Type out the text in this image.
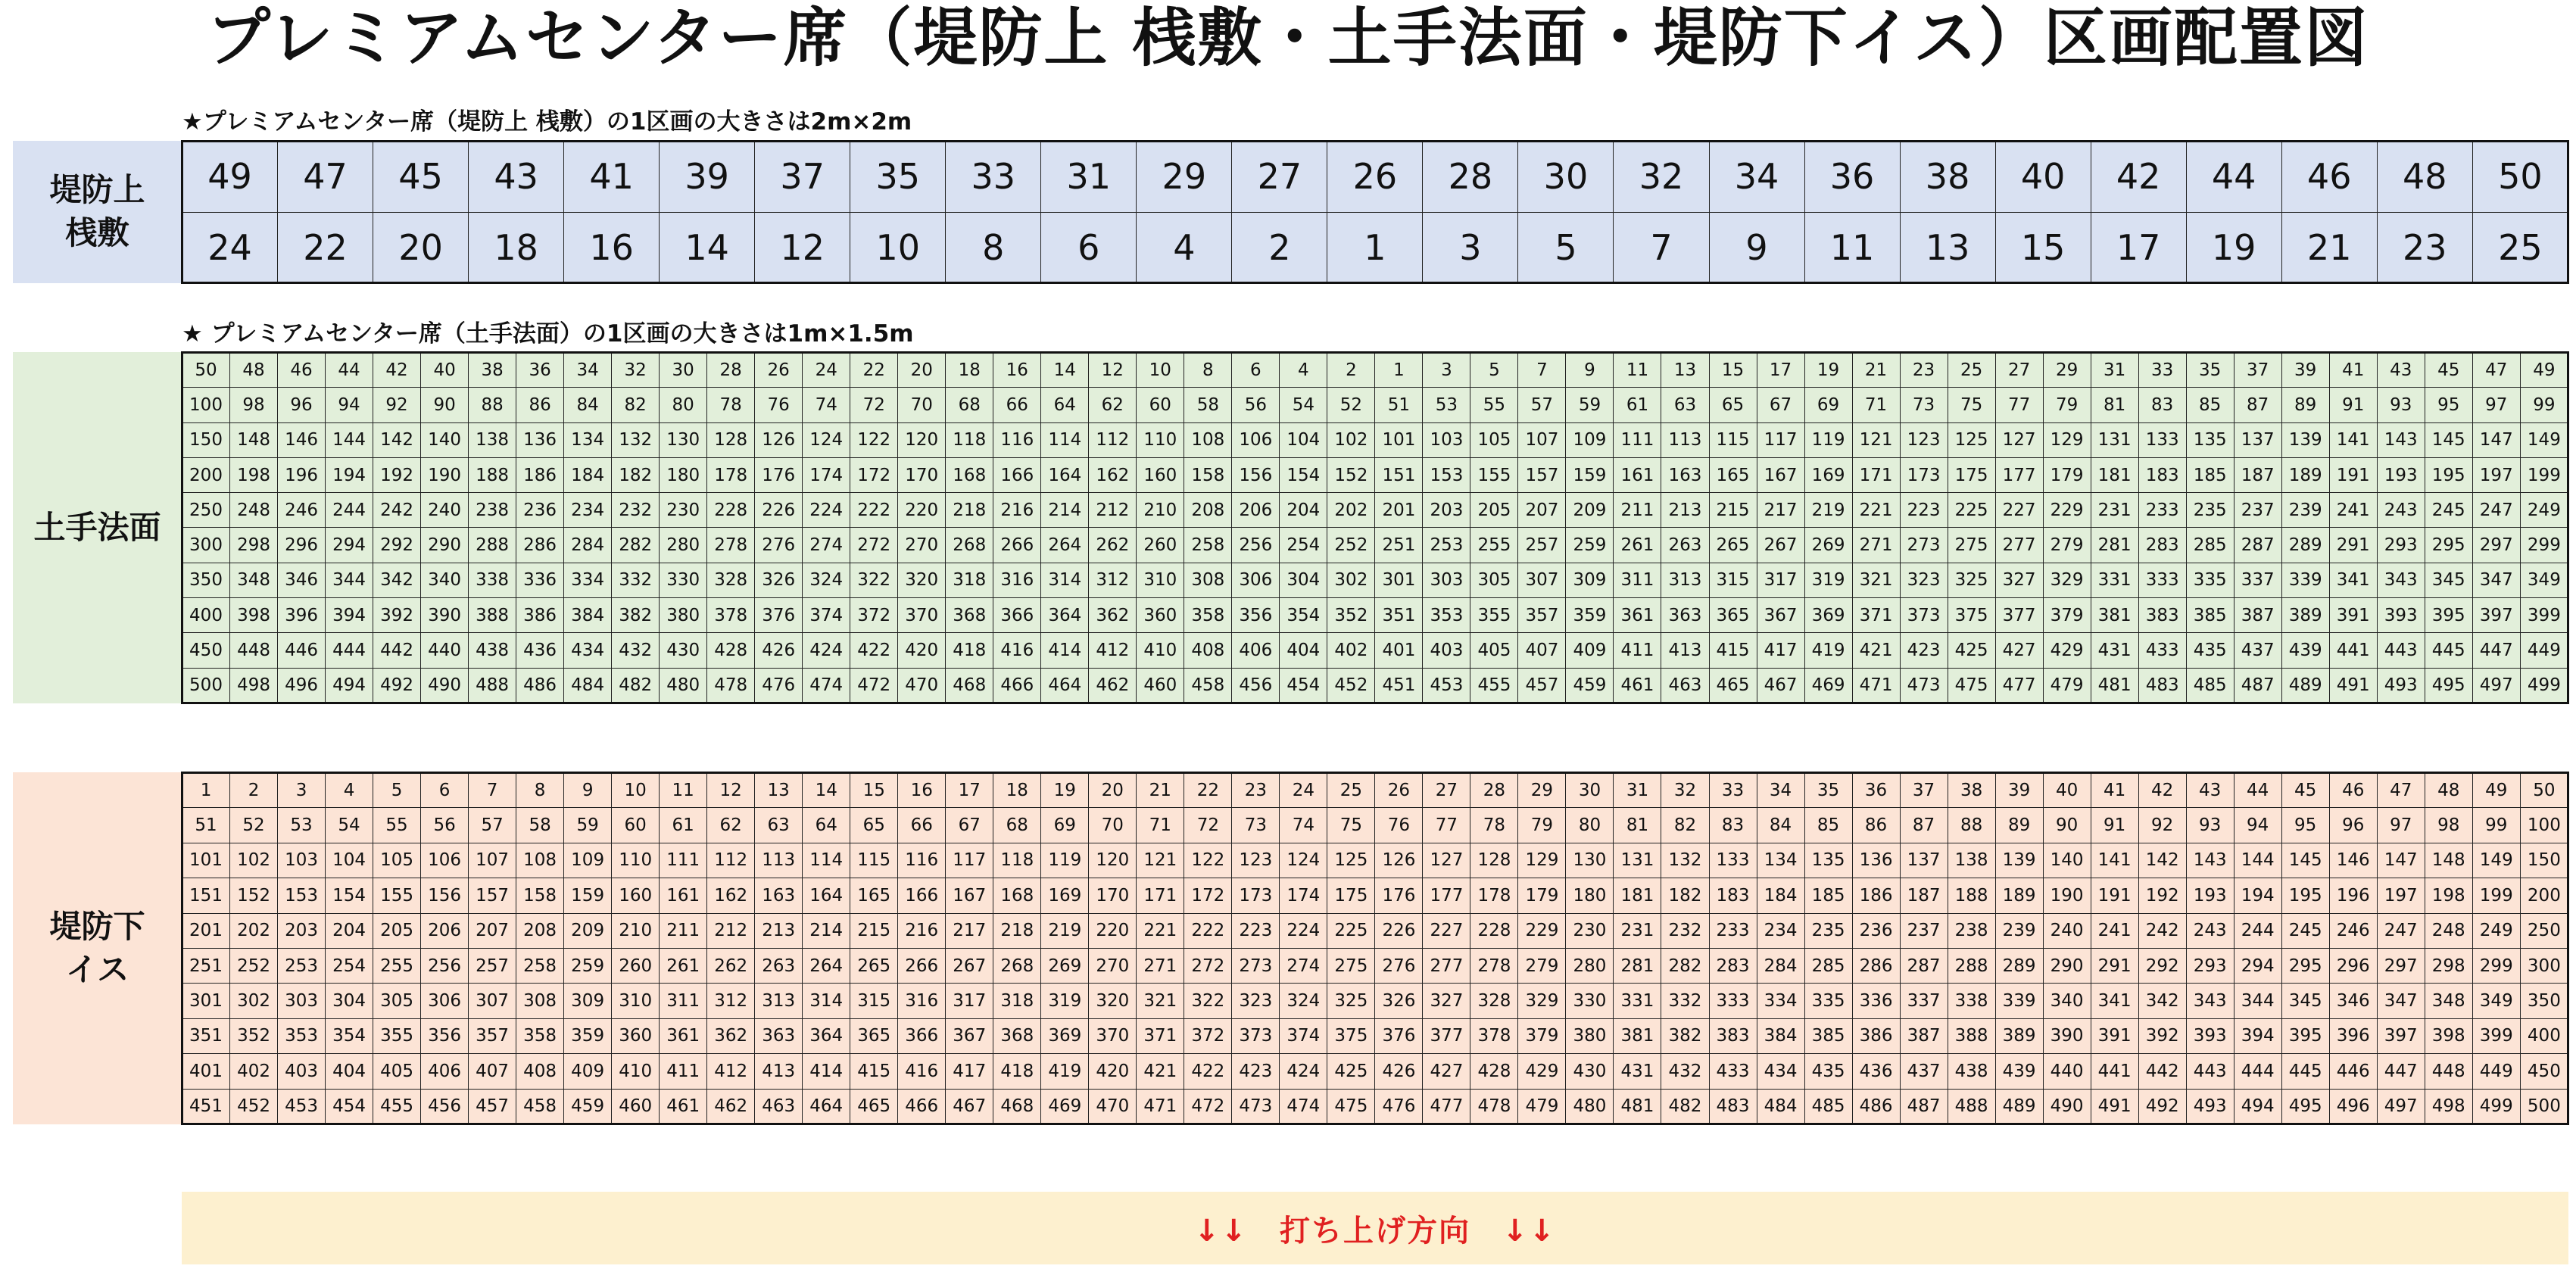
プレミアムセンター席（堤防上 桟敷・土手法面・堤防下イス）区画配置図
★プレミアムセンター席（堤防上 桟敷）の1区画の大きさは2m×2m
堤防上
桟敷
49	47	45	43	41	39	37	35	33	31	29	27	26	28	30	32	34	36	38	40	42	44	46	48	50
24	22	20	18	16	14	12	10	8	6	4	2	1	3	5	7	9	11	13	15	17	19	21	23	25
★ プレミアムセンター席（土手法面）の1区画の大きさは1m×1.5m
土手法面
50	48	46	44	42	40	38	36	34	32	30	28	26	24	22	20	18	16	14	12	10	8	6	4	2	1	3	5	7	9	11	13	15	17	19	21	23	25	27	29	31	33	35	37	39	41	43	45	47	49
100	98	96	94	92	90	88	86	84	82	80	78	76	74	72	70	68	66	64	62	60	58	56	54	52	51	53	55	57	59	61	63	65	67	69	71	73	75	77	79	81	83	85	87	89	91	93	95	97	99
150	148	146	144	142	140	138	136	134	132	130	128	126	124	122	120	118	116	114	112	110	108	106	104	102	101	103	105	107	109	111	113	115	117	119	121	123	125	127	129	131	133	135	137	139	141	143	145	147	149
200	198	196	194	192	190	188	186	184	182	180	178	176	174	172	170	168	166	164	162	160	158	156	154	152	151	153	155	157	159	161	163	165	167	169	171	173	175	177	179	181	183	185	187	189	191	193	195	197	199
250	248	246	244	242	240	238	236	234	232	230	228	226	224	222	220	218	216	214	212	210	208	206	204	202	201	203	205	207	209	211	213	215	217	219	221	223	225	227	229	231	233	235	237	239	241	243	245	247	249
300	298	296	294	292	290	288	286	284	282	280	278	276	274	272	270	268	266	264	262	260	258	256	254	252	251	253	255	257	259	261	263	265	267	269	271	273	275	277	279	281	283	285	287	289	291	293	295	297	299
350	348	346	344	342	340	338	336	334	332	330	328	326	324	322	320	318	316	314	312	310	308	306	304	302	301	303	305	307	309	311	313	315	317	319	321	323	325	327	329	331	333	335	337	339	341	343	345	347	349
400	398	396	394	392	390	388	386	384	382	380	378	376	374	372	370	368	366	364	362	360	358	356	354	352	351	353	355	357	359	361	363	365	367	369	371	373	375	377	379	381	383	385	387	389	391	393	395	397	399
450	448	446	444	442	440	438	436	434	432	430	428	426	424	422	420	418	416	414	412	410	408	406	404	402	401	403	405	407	409	411	413	415	417	419	421	423	425	427	429	431	433	435	437	439	441	443	445	447	449
500	498	496	494	492	490	488	486	484	482	480	478	476	474	472	470	468	466	464	462	460	458	456	454	452	451	453	455	457	459	461	463	465	467	469	471	473	475	477	479	481	483	485	487	489	491	493	495	497	499
堤防下
イス
1	2	3	4	5	6	7	8	9	10	11	12	13	14	15	16	17	18	19	20	21	22	23	24	25	26	27	28	29	30	31	32	33	34	35	36	37	38	39	40	41	42	43	44	45	46	47	48	49	50
51	52	53	54	55	56	57	58	59	60	61	62	63	64	65	66	67	68	69	70	71	72	73	74	75	76	77	78	79	80	81	82	83	84	85	86	87	88	89	90	91	92	93	94	95	96	97	98	99	100
101	102	103	104	105	106	107	108	109	110	111	112	113	114	115	116	117	118	119	120	121	122	123	124	125	126	127	128	129	130	131	132	133	134	135	136	137	138	139	140	141	142	143	144	145	146	147	148	149	150
151	152	153	154	155	156	157	158	159	160	161	162	163	164	165	166	167	168	169	170	171	172	173	174	175	176	177	178	179	180	181	182	183	184	185	186	187	188	189	190	191	192	193	194	195	196	197	198	199	200
201	202	203	204	205	206	207	208	209	210	211	212	213	214	215	216	217	218	219	220	221	222	223	224	225	226	227	228	229	230	231	232	233	234	235	236	237	238	239	240	241	242	243	244	245	246	247	248	249	250
251	252	253	254	255	256	257	258	259	260	261	262	263	264	265	266	267	268	269	270	271	272	273	274	275	276	277	278	279	280	281	282	283	284	285	286	287	288	289	290	291	292	293	294	295	296	297	298	299	300
301	302	303	304	305	306	307	308	309	310	311	312	313	314	315	316	317	318	319	320	321	322	323	324	325	326	327	328	329	330	331	332	333	334	335	336	337	338	339	340	341	342	343	344	345	346	347	348	349	350
351	352	353	354	355	356	357	358	359	360	361	362	363	364	365	366	367	368	369	370	371	372	373	374	375	376	377	378	379	380	381	382	383	384	385	386	387	388	389	390	391	392	393	394	395	396	397	398	399	400
401	402	403	404	405	406	407	408	409	410	411	412	413	414	415	416	417	418	419	420	421	422	423	424	425	426	427	428	429	430	431	432	433	434	435	436	437	438	439	440	441	442	443	444	445	446	447	448	449	450
451	452	453	454	455	456	457	458	459	460	461	462	463	464	465	466	467	468	469	470	471	472	473	474	475	476	477	478	479	480	481	482	483	484	485	486	487	488	489	490	491	492	493	494	495	496	497	498	499	500
↓↓　打ち上げ方向　↓↓
